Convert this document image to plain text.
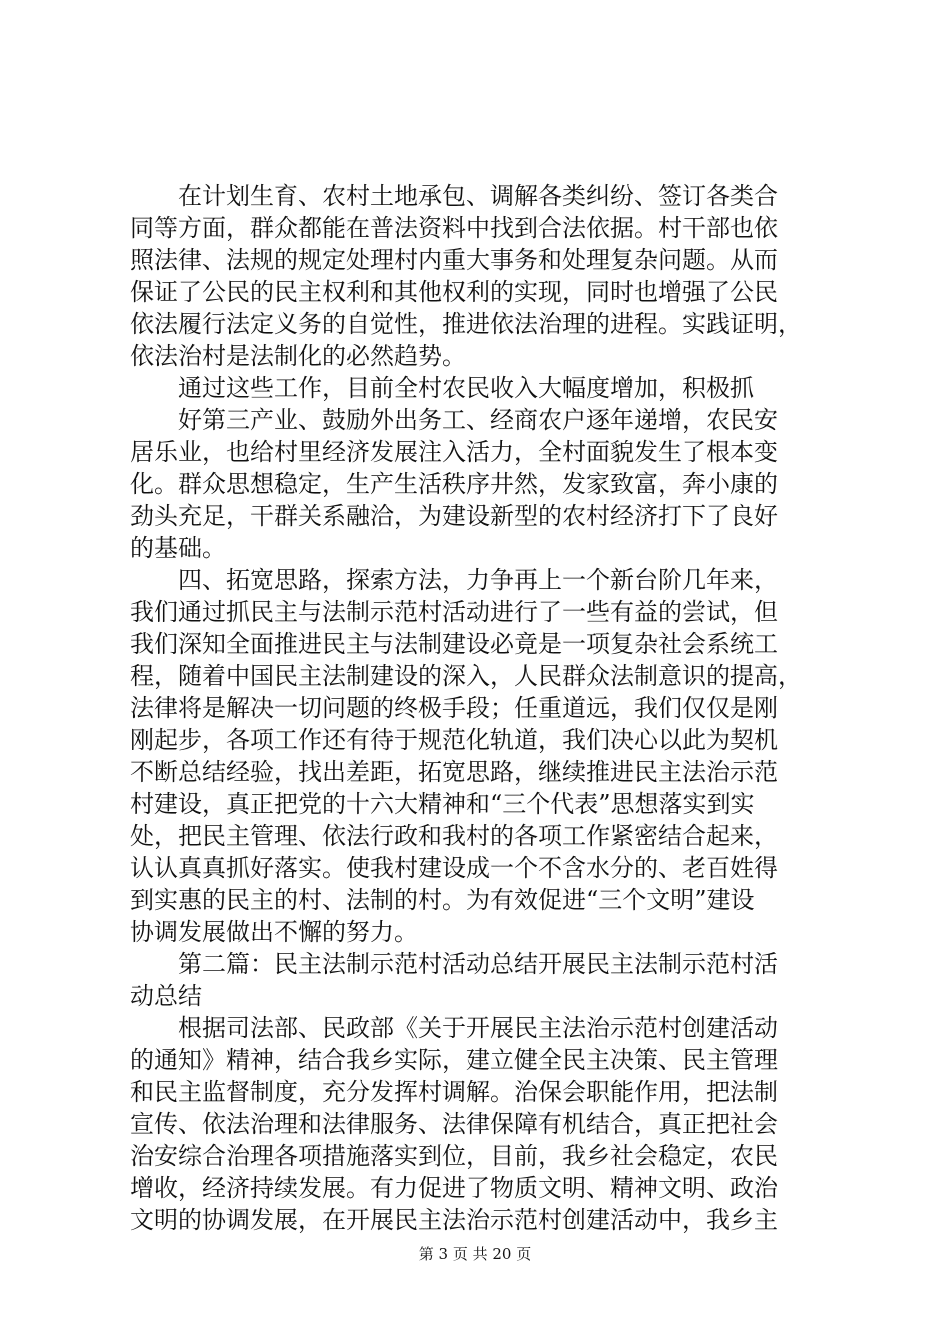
在计划生育、农村土地承包、调解各类纠纷、签订各类合
同等方面，群众都能在普法资料中找到合法依据。村干部也依
照法律、法规的规定处理村内重大事务和处理复杂问题。从而
保证了公民的民主权利和其他权利的实现，同时也增强了公民
依法履行法定义务的自觉性，推进依法治理的进程。实践证明，
依法治村是法制化的必然趋势。
通过这些工作，目前全村农民收入大幅度增加，积极抓
好第三产业、鼓励外出务工、经商农户逐年递增，农民安
居乐业，也给村里经济发展注入活力，全村面貌发生了根本变
化。群众思想稳定，生产生活秩序井然，发家致富，奔小康的
劲头充足，干群关系融洽，为建设新型的农村经济打下了良好
的基础。
四、拓宽思路，探索方法，力争再上一个新台阶几年来，
我们通过抓民主与法制示范村活动进行了一些有益的尝试，但
我们深知全面推进民主与法制建设必竟是一项复杂社会系统工
程，随着中国民主法制建设的深入，人民群众法制意识的提高，
法律将是解决一切问题的终极手段；任重道远，我们仅仅是刚
刚起步，各项工作还有待于规范化轨道，我们决心以此为契机
不断总结经验，找出差距，拓宽思路，继续推进民主法治示范
村建设，真正把党的十六大精神和“三个代表”思想落实到实
处，把民主管理、依法行政和我村的各项工作紧密结合起来，
认认真真抓好落实。使我村建设成一个不含水分的、老百姓得
到实惠的民主的村、法制的村。为有效促进“三个文明”建设
协调发展做出不懈的努力。
第二篇：民主法制示范村活动总结开展民主法制示范村活
动总结
根据司法部、民政部《关于开展民主法治示范村创建活动
的通知》精神，结合我乡实际，建立健全民主决策、民主管理
和民主监督制度，充分发挥村调解。治保会职能作用，把法制
宣传、依法治理和法律服务、法律保障有机结合，真正把社会
治安综合治理各项措施落实到位，目前，我乡社会稳定，农民
增收，经济持续发展。有力促进了物质文明、精神文明、政治
文明的协调发展，在开展民主法治示范村创建活动中，我乡主
第 3 页 共 20 页
